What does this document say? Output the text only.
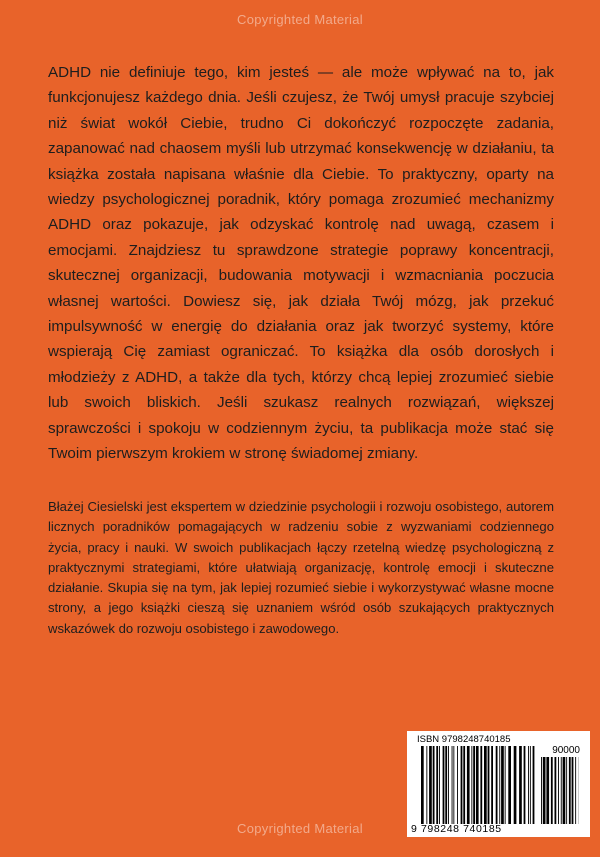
Copyrighted Material

ADHD nie definiuje tego, kim jesteś — ale może wpływać na to, jak funkcjonujesz każdego dnia. Jeśli czujesz, że Twój umysł pracuje szybciej niż świat wokół Ciebie, trudno Ci dokończyć rozpoczęte zadania, zapanować nad chaosem myśli lub utrzymać konsekwencję w działaniu, ta książka została napisana właśnie dla Ciebie. To praktyczny, oparty na wiedzy psychologicznej poradnik, który pomaga zrozumieć mechanizmy ADHD oraz pokazuje, jak odzyskać kontrolę nad uwagą, czasem i emocjami. Znajdziesz tu sprawdzone strategie poprawy koncentracji, skutecznej organizacji, budowania motywacji i wzmacniania poczucia własnej wartości. Dowiesz się, jak działa Twój mózg, jak przekuć impulsywność w energię do działania oraz jak tworzyć systemy, które wspierają Cię zamiast ograniczać. To książka dla osób dorosłych i młodzieży z ADHD, a także dla tych, którzy chcą lepiej zrozumieć siebie lub swoich bliskich. Jeśli szukasz realnych rozwiązań, większej sprawczości i spokoju w codziennym życiu, ta publikacja może stać się Twoim pierwszym krokiem w stronę świadomej zmiany.

Błażej Ciesielski jest ekspertem w dziedzinie psychologii i rozwoju osobistego, autorem licznych poradników pomagających w radzeniu sobie z wyzwaniami codziennego życia, pracy i nauki. W swoich publikacjach łączy rzetelną wiedzę psychologiczną z praktycznymi strategiami, które ułatwiają organizację, kontrolę emocji i skuteczne działanie. Skupia się na tym, jak lepiej rozumieć siebie i wykorzystywać własne mocne strony, a jego książki cieszą się uznaniem wśród osób szukających praktycznych wskazówek do rozwoju osobistego i zawodowego.

ISBN 9798248740185
90000
9 798248 740185
Copyrighted Material
